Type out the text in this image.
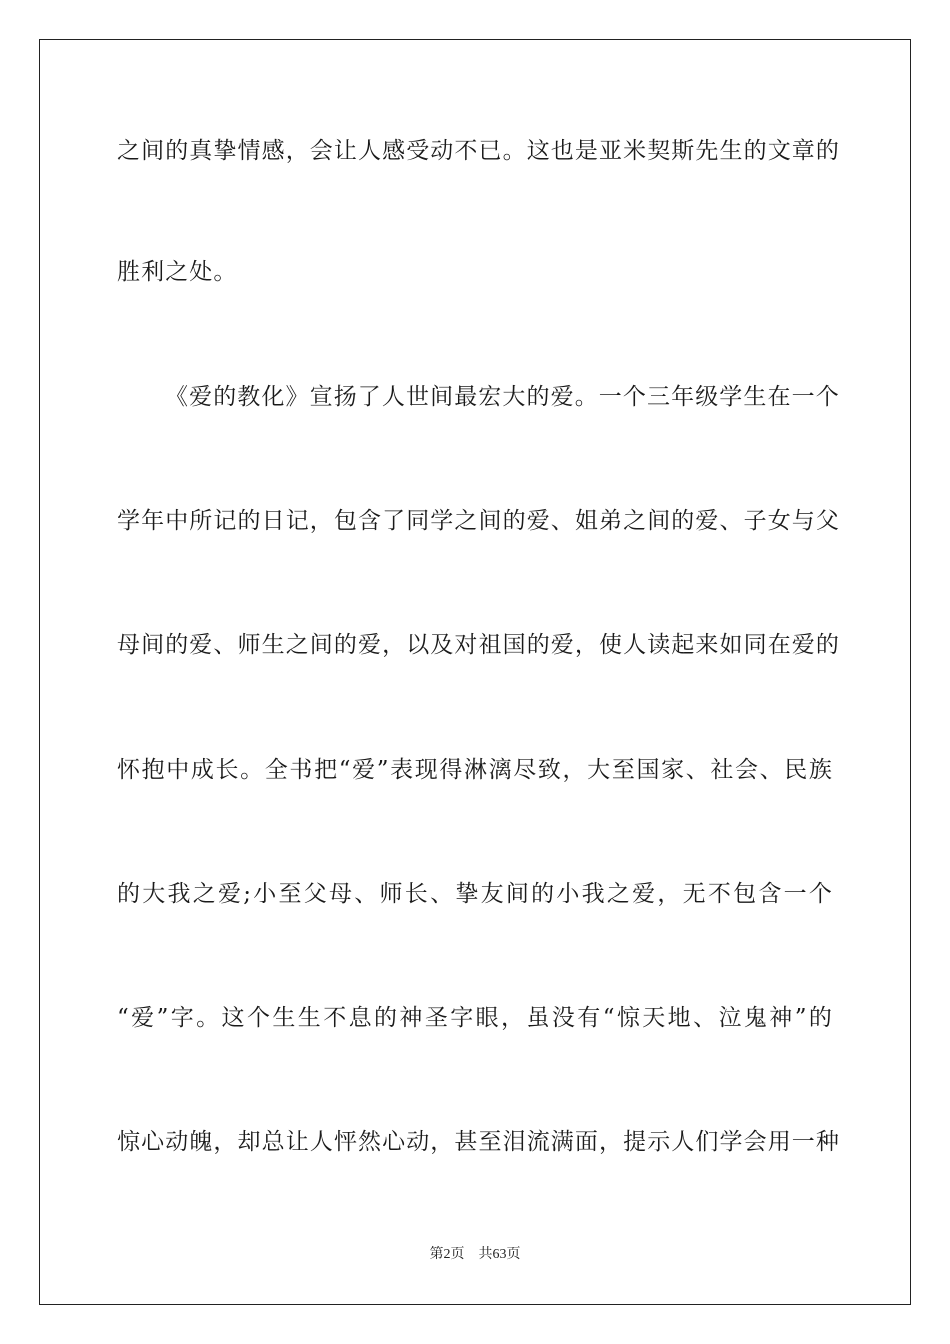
之间的真挚情感，会让人感受动不已。这也是亚米契斯先生的文章的
胜利之处。
《爱的教化》宣扬了人世间最宏大的爱。一个三年级学生在一个
学年中所记的日记，包含了同学之间的爱、姐弟之间的爱、子女与父
母间的爱、师生之间的爱，以及对祖国的爱，使人读起来如同在爱的
怀抱中成长。全书把“爱”表现得淋漓尽致，大至国家、社会、民族
的大我之爱;小至父母、师长、挚友间的小我之爱，无不包含一个
“爱”字。这个生生不息的神圣字眼，虽没有“惊天地、泣鬼神”的
惊心动魄，却总让人怦然心动，甚至泪流满面，提示人们学会用一种
第2页 共63页
